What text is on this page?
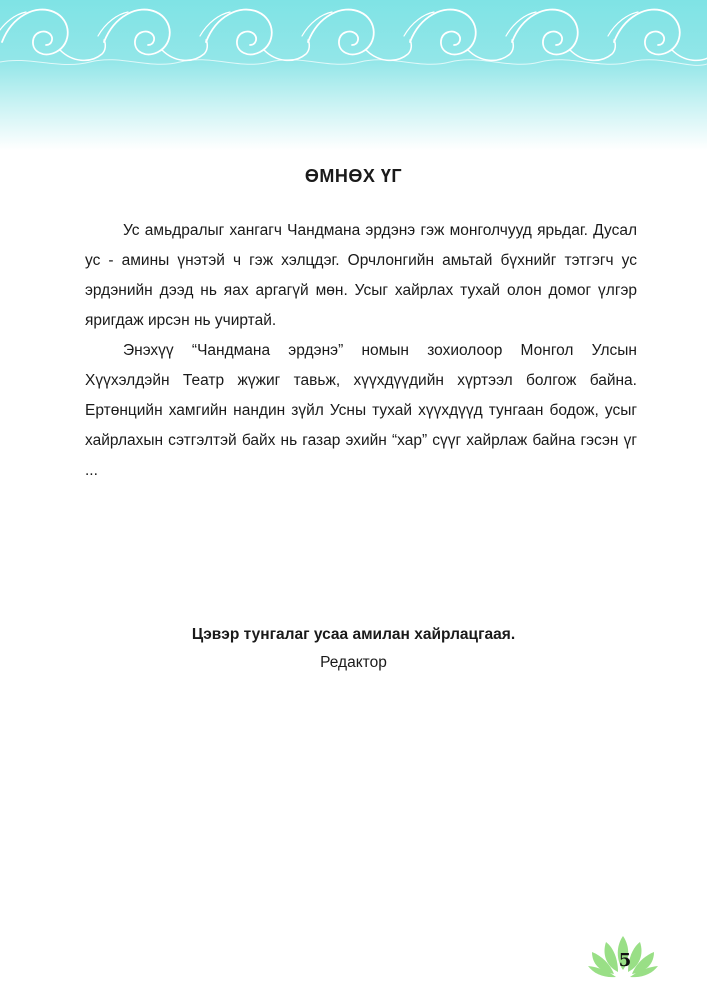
ӨМНӨХ ҮГ

Ус амьдралыг хангагч Чандмана эрдэнэ гэж монголчууд ярьдаг. Дусал ус - амины үнэтэй ч гэж хэлцдэг. Орчлонгийн амьтай бүхнийг тэтгэгч ус эрдэнийн дээд нь яах аргагүй мөн. Усыг хайрлах тухай олон домог үлгэр яригдаж ирсэн нь учиртай.

Энэхүү “Чандмана эрдэнэ” номын зохиолоор Монгол Улсын Хүүхэлдэйн Театр жүжиг тавьж, хүүхдүүдийн хүртээл болгож байна. Ертөнцийн хамгийн нандин зүйл Усны тухай хүүхдүүд тунгаан бодож, усыг хайрлахын сэтгэлтэй байх нь газар эхийн “хар” сүүг хайрлаж байна гэсэн үг ...

Цэвэр тунгалаг усаа амилан хайрлацгаая.
Редактор
5
